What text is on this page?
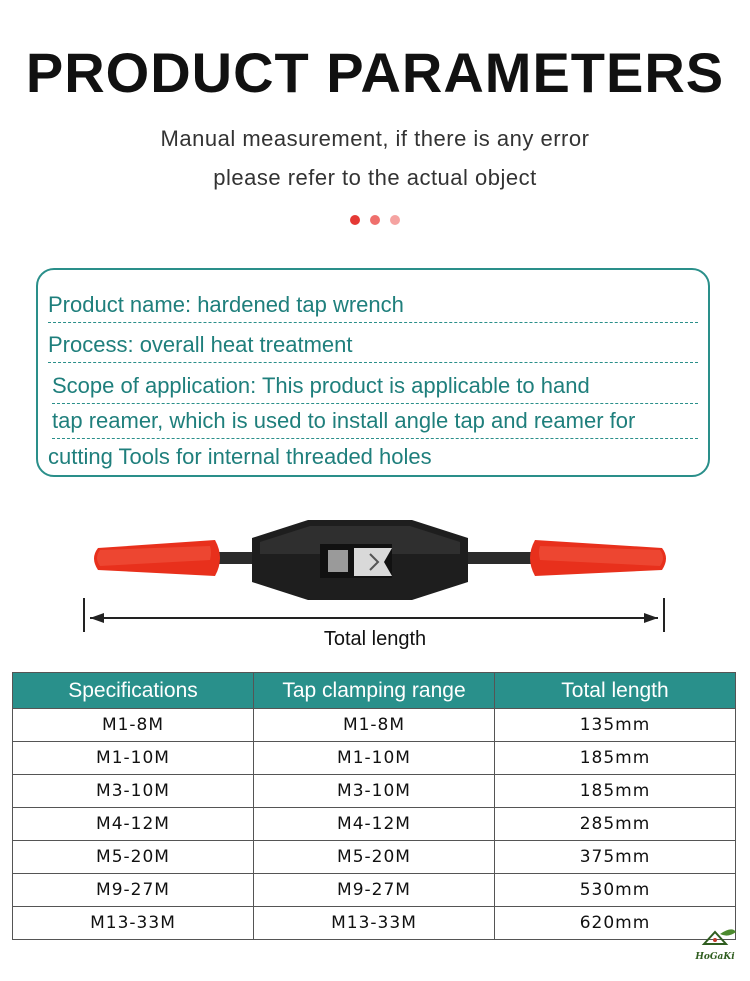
PRODUCT PARAMETERS
Manual measurement, if there is any error
please refer to the actual object
Product name: hardened tap wrench
Process: overall heat treatment
Scope of application: This product is applicable to hand
tap reamer, which is used to install angle tap and reamer for
cutting Tools for internal threaded holes
Total length
Specifications	Tap clamping range	Total length
M1-8M	M1-8M	135mm
M1-10M	M1-10M	185mm
M3-10M	M3-10M	185mm
M4-12M	M4-12M	285mm
M5-20M	M5-20M	375mm
M9-27M	M9-27M	530mm
M13-33M	M13-33M	620mm
HoGaKi
